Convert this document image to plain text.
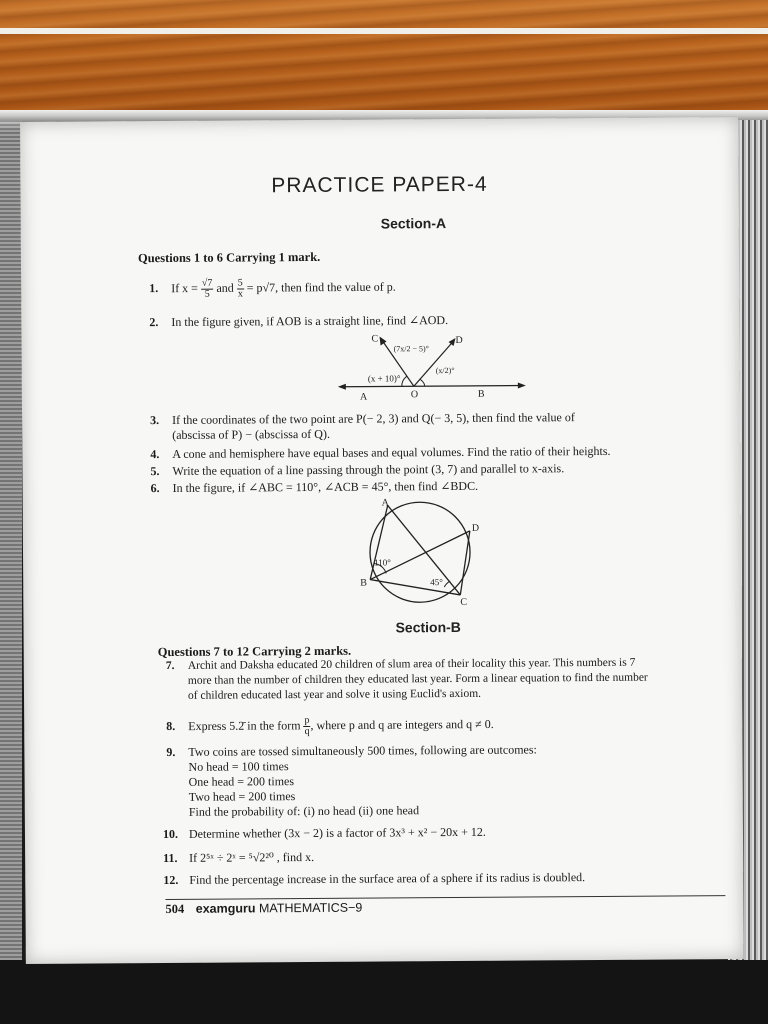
PRACTICE PAPER-4
Section-A
Questions 1 to 6 Carrying 1 mark.
1. If $x = \frac{√7}{5}$ and $\frac{5}{x} = p√7$, then find the value of p.
2. In the figure given, if AOB is a straight line, find ∠AOD.
C	D
A	O	B
(x + 10)°
(7x/2 − 5)°
(x/2)°
3. If the coordinates of the two point are P(− 2, 3) and Q(− 3, 5), then find the value of
(abscissa of P) − (abscissa of Q).
4. A cone and hemisphere have equal bases and equal volumes. Find the ratio of their heights.
5. Write the equation of a line passing through the point (3, 7) and parallel to x-axis.
6. In the figure, if ∠ABC = 110°, ∠ACB = 45°, then find ∠BDC.
A
B
C
D
110°
45°
Section-B
Questions 7 to 12 Carrying 2 marks.
7. Archit and Daksha educated 20 children of slum area of their locality this year. This numbers is 7
more than the number of children they educated last year. Form a linear equation to find the number
of children educated last year and solve it using Euclid's axiom.
8. Express 5.2̄ in the form $\frac{p}{q}$ , where p and q are integers and q ≠ 0.
9. Two coins are tossed simultaneously 500 times, following are outcomes:
No head = 100 times
One head = 200 times
Two head = 200 times
Find the probability of: (i) no head (ii) one head
10. Determine whether (3x − 2) is a factor of 3x³ + x² − 20x + 12.
11. If 2⁵ˣ ÷ 2ˣ = ⁵√2²⁰ , find x.
12. Find the percentage increase in the surface area of a sphere if its radius is doubled.
504 examguru MATHEMATICS−9
